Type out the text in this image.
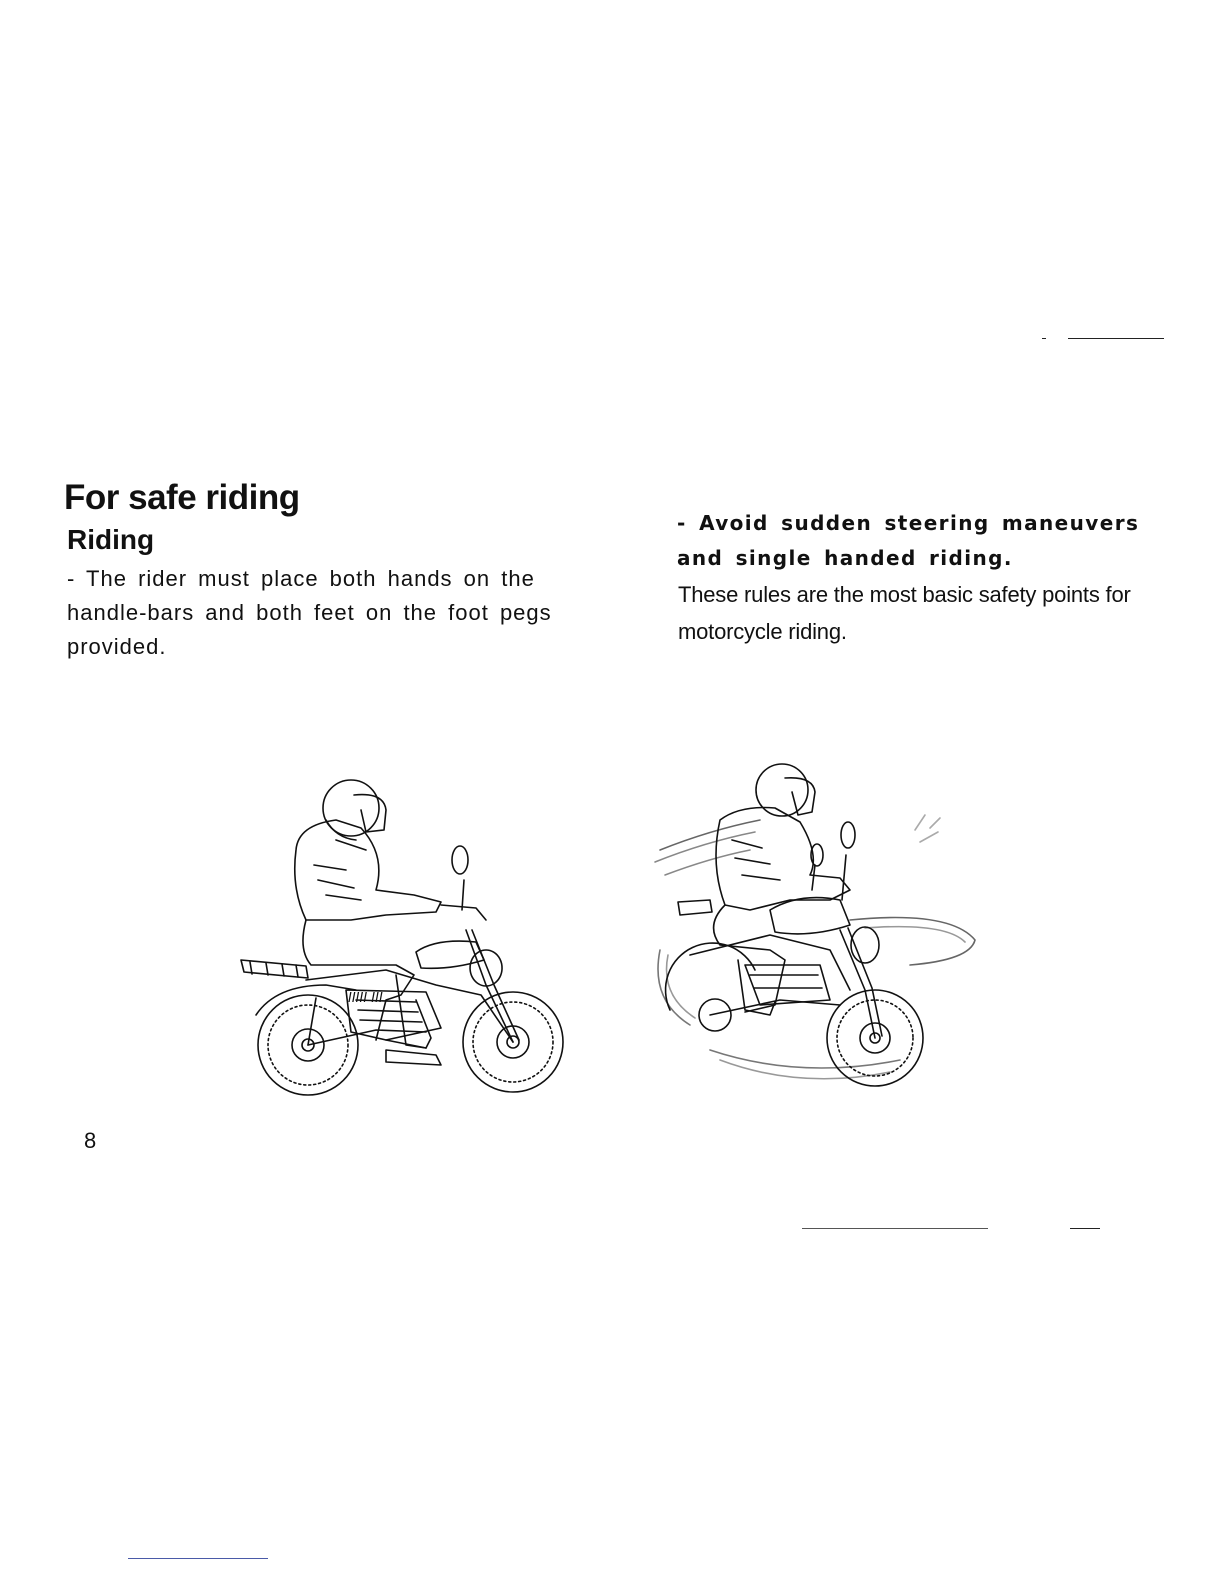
For safe riding
Riding

- The rider must place both hands on the handle-bars and both feet on the foot pegs provided.

- Avoid sudden steering maneuvers and single handed riding.

These rules are the most basic safety points for motorcycle riding.

IIIII III
8
